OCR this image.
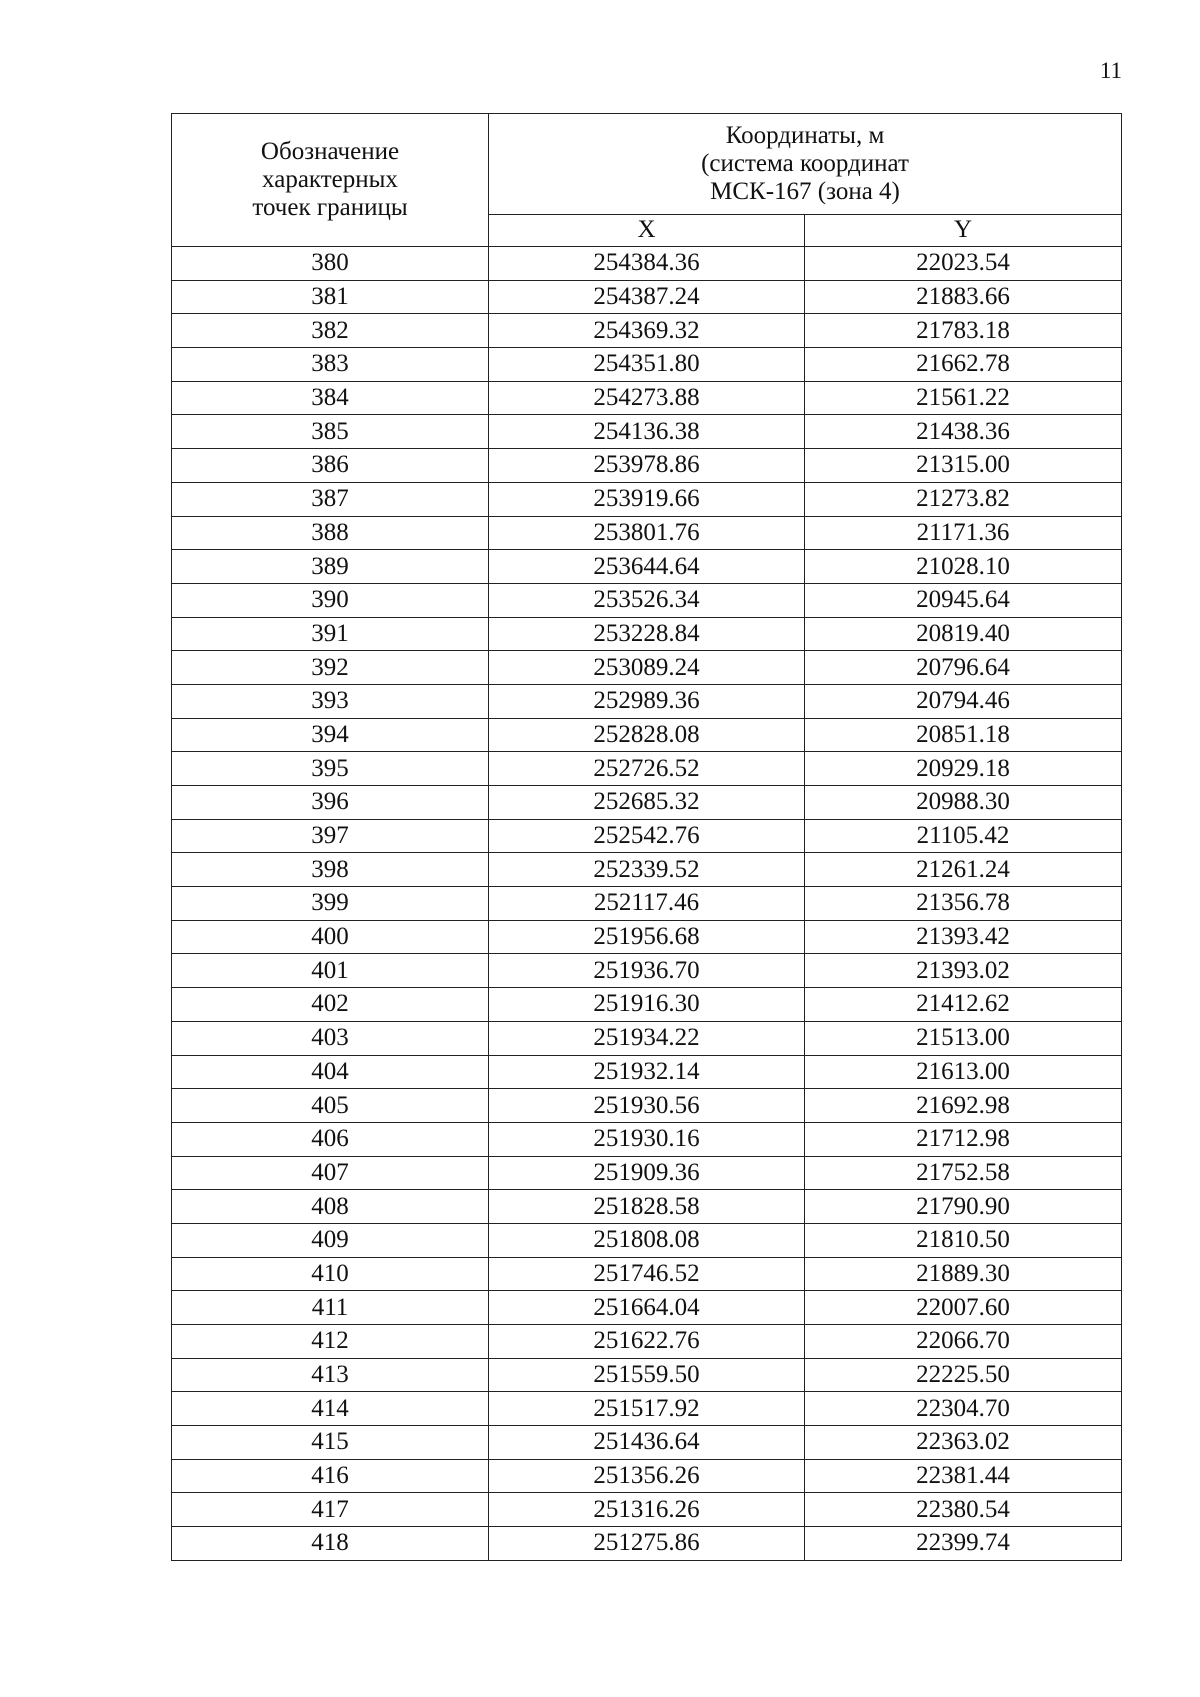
11
Обозначение
характерных
точек границы	Координаты, м
(система координат
МСК-167 (зона 4)	

	X	Y
380	254384.36	22023.54
381	254387.24	21883.66
382	254369.32	21783.18
383	254351.80	21662.78
384	254273.88	21561.22
385	254136.38	21438.36
386	253978.86	21315.00
387	253919.66	21273.82
388	253801.76	21171.36
389	253644.64	21028.10
390	253526.34	20945.64
391	253228.84	20819.40
392	253089.24	20796.64
393	252989.36	20794.46
394	252828.08	20851.18
395	252726.52	20929.18
396	252685.32	20988.30
397	252542.76	21105.42
398	252339.52	21261.24
399	252117.46	21356.78
400	251956.68	21393.42
401	251936.70	21393.02
402	251916.30	21412.62
403	251934.22	21513.00
404	251932.14	21613.00
405	251930.56	21692.98
406	251930.16	21712.98
407	251909.36	21752.58
408	251828.58	21790.90
409	251808.08	21810.50
410	251746.52	21889.30
411	251664.04	22007.60
412	251622.76	22066.70
413	251559.50	22225.50
414	251517.92	22304.70
415	251436.64	22363.02
416	251356.26	22381.44
417	251316.26	22380.54
418	251275.86	22399.74
